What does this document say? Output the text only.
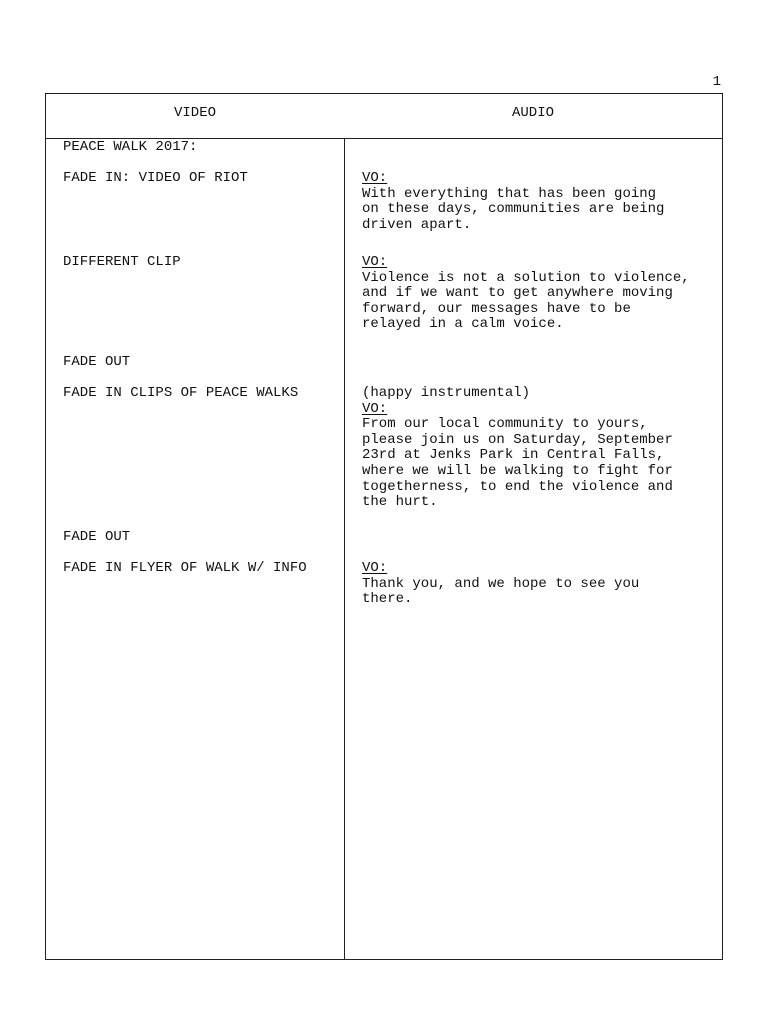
1
VIDEO	AUDIO
PEACE WALK 2017:
FADE IN: VIDEO OF RIOT	VO:
With everything that has been going
on these days, communities are being
driven apart.
DIFFERENT CLIP	VO:
Violence is not a solution to violence,
and if we want to get anywhere moving
forward, our messages have to be
relayed in a calm voice.
FADE OUT
FADE IN CLIPS OF PEACE WALKS	(happy instrumental)
VO:
From our local community to yours,
please join us on Saturday, September
23rd at Jenks Park in Central Falls,
where we will be walking to fight for
togetherness, to end the violence and
the hurt.
FADE OUT
FADE IN FLYER OF WALK W/ INFO	VO:
Thank you, and we hope to see you
there.
